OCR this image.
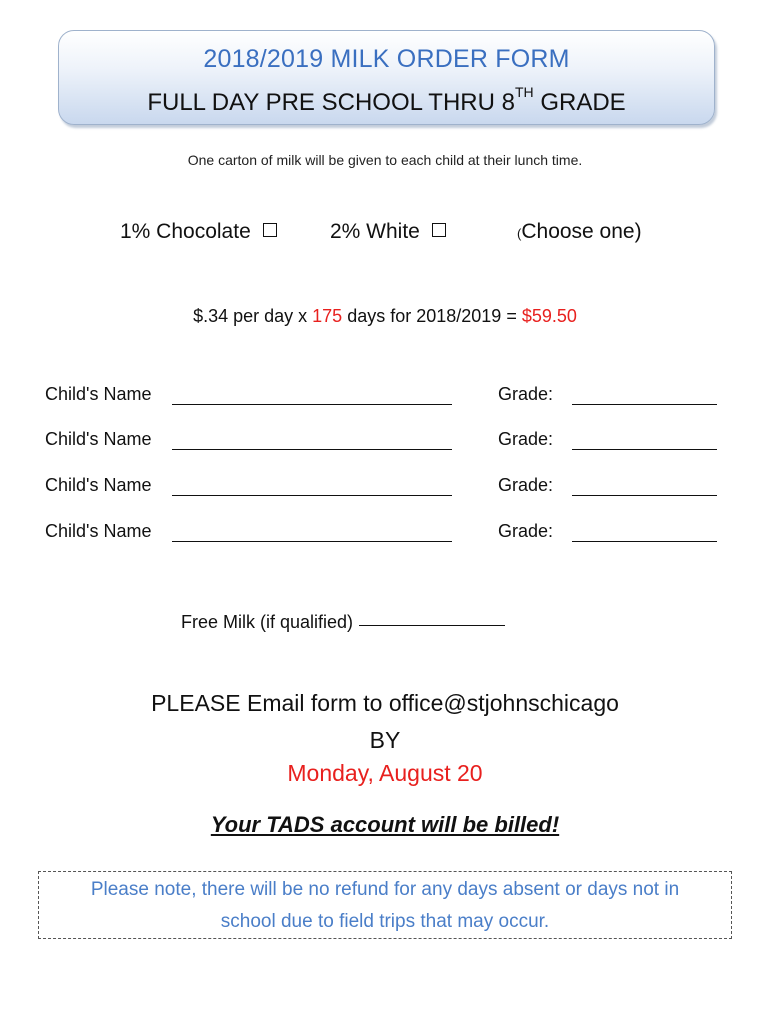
2018/2019 MILK ORDER FORM
FULL DAY PRE SCHOOL THRU 8TH GRADE
One carton of milk will be given to each child at their lunch time.
1% Chocolate	2% White	(Choose one)
$.34 per day x 175 days for 2018/2019 = $59.50
Child's Name	Grade:
Child's Name	Grade:
Child's Name	Grade:
Child's Name	Grade:
Free Milk (if qualified)
PLEASE Email form to office@stjohnschicago
BY
Monday, August 20
Your TADS account will be billed!
Please note, there will be no refund for any days absent or days not in
school due to field trips that may occur.
